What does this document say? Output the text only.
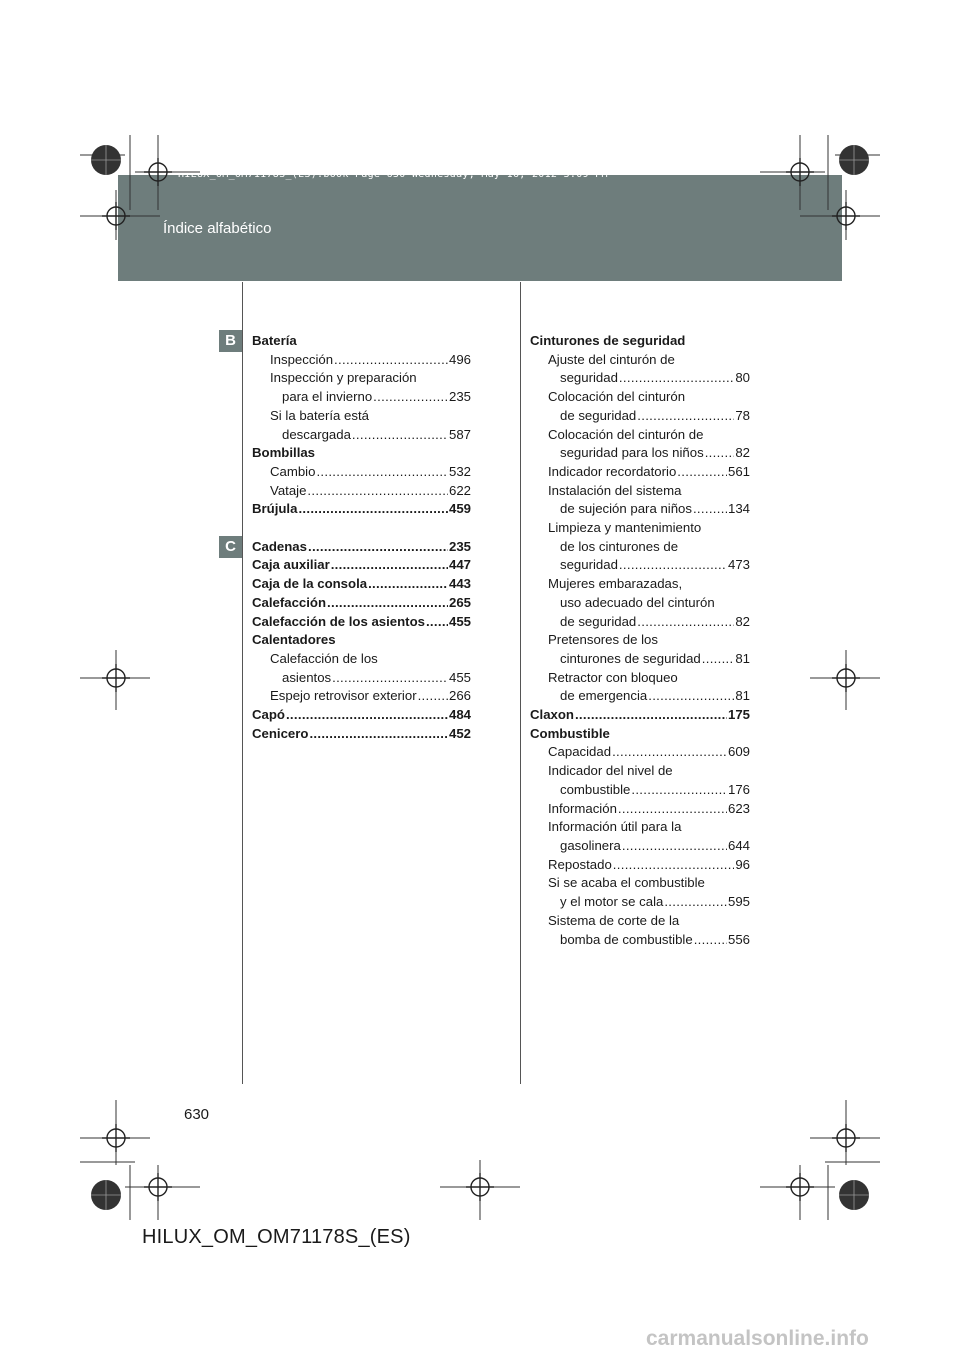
HILUX_OM_OM71178S_(ES).book Page 630 Wednesday, May 16, 2012 3:09 PM
Índice alfabético
B
C
Batería
Inspección .....	496
Inspección y preparación
para el invierno .....	235
Si la batería está
descargada .....	587
Bombillas
Cambio .....	532
Vataje .....	622
Brújula .....	459
Cadenas .....	235
Caja auxiliar .....	447
Caja de la consola .....	443
Calefacción .....	265
Calefacción de los asientos ..... 455
Calentadores
Calefacción de los
asientos .....	455
Espejo retrovisor exterior ..... 266
Capó .....	484
Cenicero .....	452
Cinturones de seguridad
Ajuste del cinturón de
seguridad .....	80
Colocación del cinturón
de seguridad .....	78
Colocación del cinturón de
seguridad para los niños ..... 82
Indicador recordatorio .....	561
Instalación del sistema
de sujeción para niños .....	134
Limpieza y mantenimiento
de los cinturones de
seguridad .....	473
Mujeres embarazadas,
uso adecuado del cinturón
de seguridad .....	82
Pretensores de los
cinturones de seguridad .....	81
Retractor con bloqueo
de emergencia .....	81
Claxon .....	175
Combustible
Capacidad .....	609
Indicador del nivel de
combustible .....	176
Información .....	623
Información útil para la
gasolinera .....	644
Repostado .....	96
Si se acaba el combustible
y el motor se cala .....	595
Sistema de corte de la
bomba de combustible .....	556
630
HILUX_OM_OM71178S_(ES)
carmanualsonline.info
